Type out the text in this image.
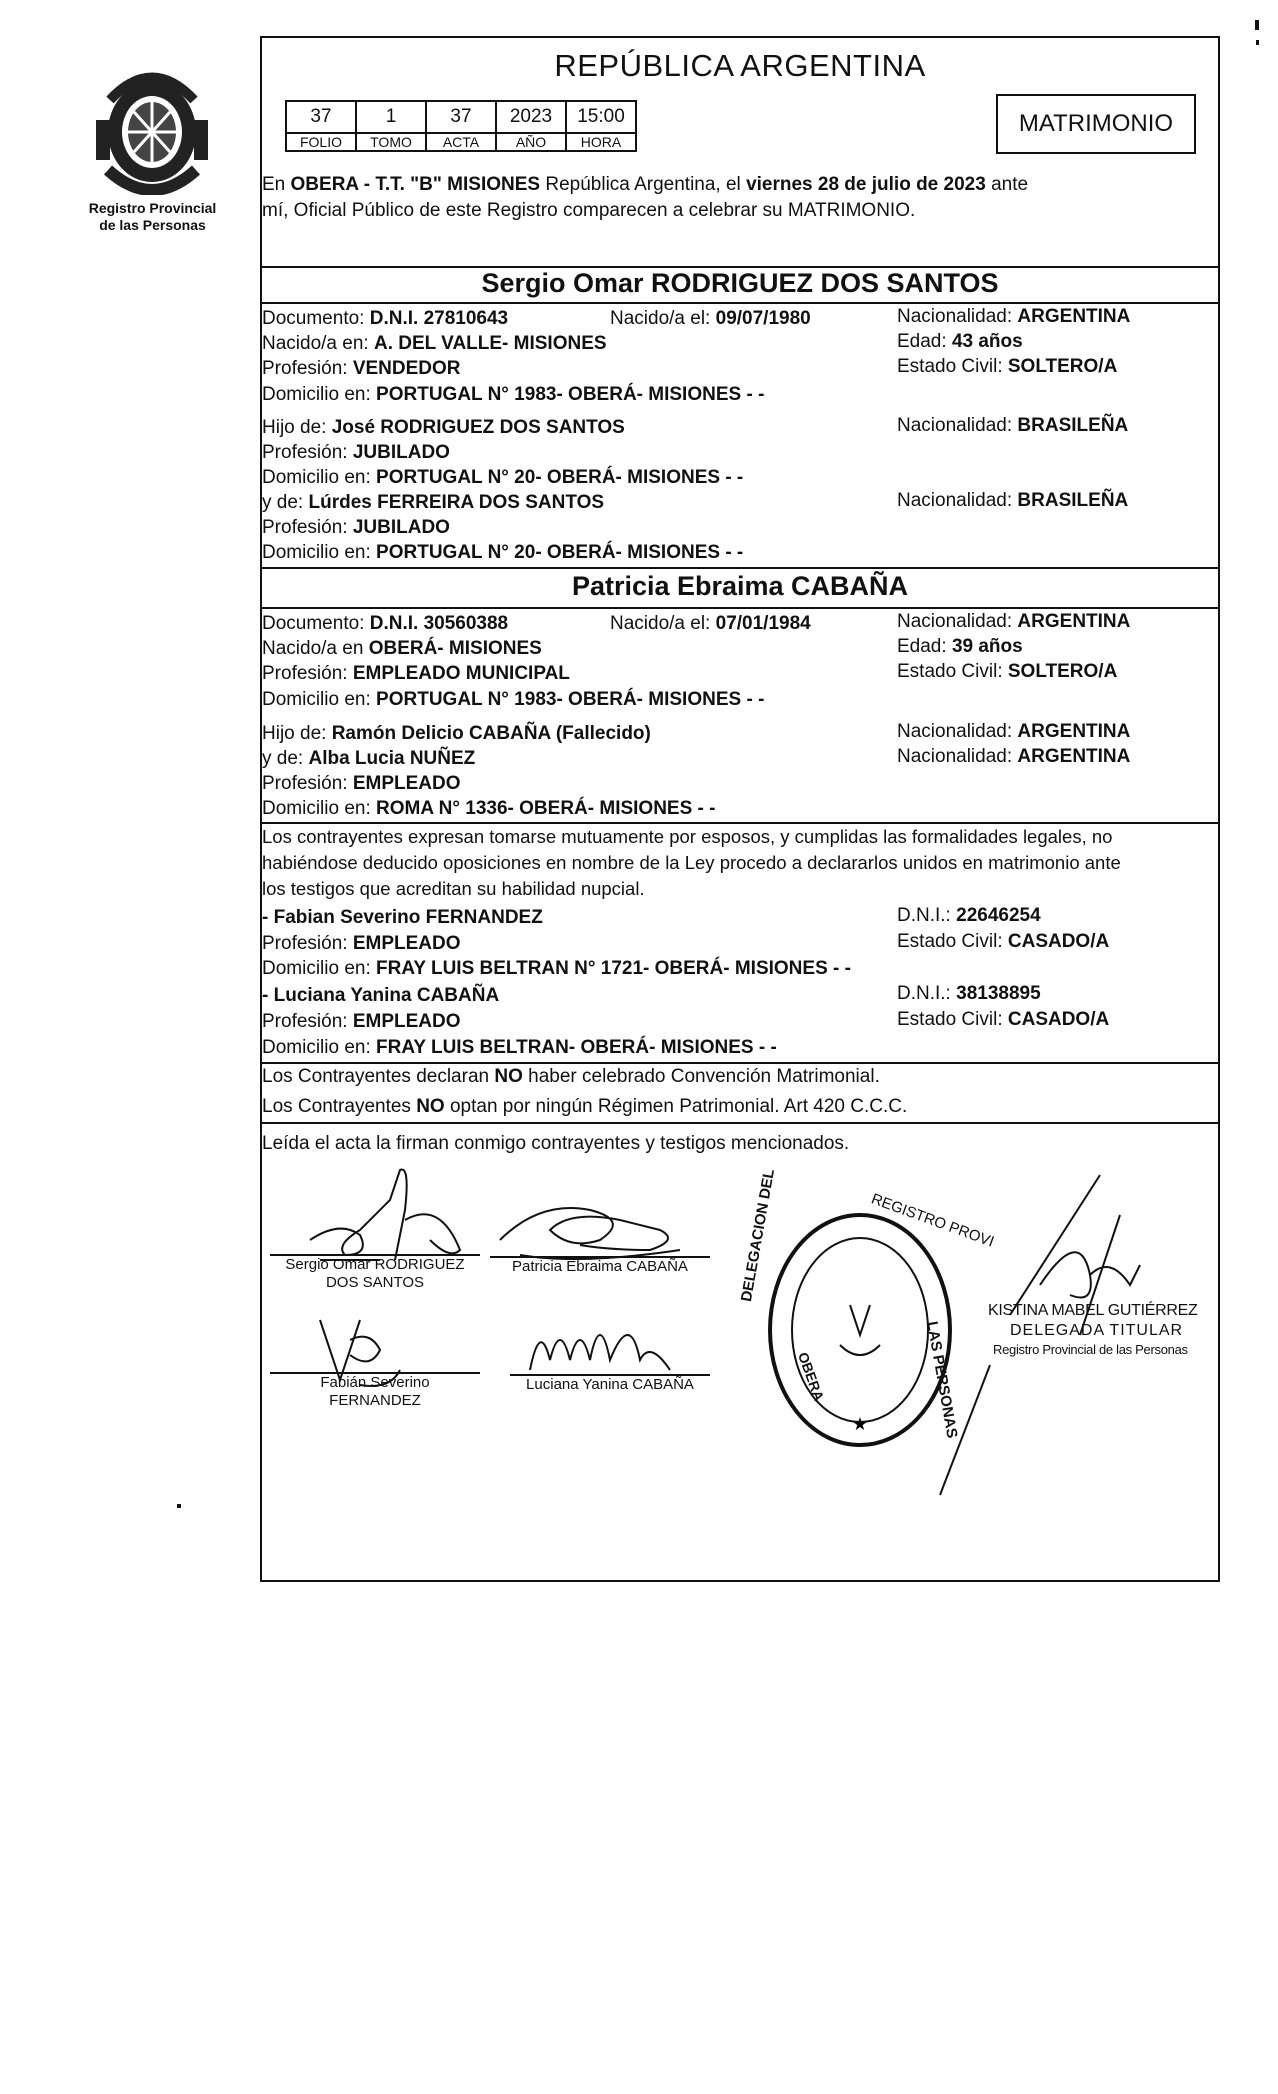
Registro Provincial
de las Personas
REPÚBLICA ARGENTINA
37	1	37	2023	15:00
FOLIO	TOMO	ACTA	AÑO	HORA
MATRIMONIO
En OBERA - T.T. "B" MISIONES República Argentina, el viernes 28 de julio de 2023 ante
mí, Oficial Público de este Registro comparecen a celebrar su MATRIMONIO.
Sergio Omar RODRIGUEZ DOS SANTOS
Documento: D.N.I. 27810643	Nacido/a el: 09/07/1980	Nacionalidad: ARGENTINA
Nacido/a en: A. DEL VALLE- MISIONES	Edad: 43 años
Profesión: VENDEDOR	Estado Civil: SOLTERO/A
Domicilio en: PORTUGAL N° 1983- OBERÁ- MISIONES - -
Hijo de: José RODRIGUEZ DOS SANTOS	Nacionalidad: BRASILEÑA
Profesión: JUBILADO
Domicilio en: PORTUGAL N° 20- OBERÁ- MISIONES - -
y de: Lúrdes FERREIRA DOS SANTOS	Nacionalidad: BRASILEÑA
Profesión: JUBILADO
Domicilio en: PORTUGAL N° 20- OBERÁ- MISIONES - -
Patricia Ebraima CABAÑA
Documento: D.N.I. 30560388	Nacido/a el: 07/01/1984	Nacionalidad: ARGENTINA
Nacido/a en OBERÁ- MISIONES	Edad: 39 años
Profesión: EMPLEADO MUNICIPAL	Estado Civil: SOLTERO/A
Domicilio en: PORTUGAL N° 1983- OBERÁ- MISIONES - -
Hijo de: Ramón Delicio CABAÑA (Fallecido)	Nacionalidad: ARGENTINA
y de: Alba Lucia NUÑEZ	Nacionalidad: ARGENTINA
Profesión: EMPLEADO
Domicilio en: ROMA N° 1336- OBERÁ- MISIONES - -
Los contrayentes expresan tomarse mutuamente por esposos, y cumplidas las formalidades legales, no
habiéndose deducido oposiciones en nombre de la Ley procedo a declararlos unidos en matrimonio ante
los testigos que acreditan su habilidad nupcial.
- Fabian Severino FERNANDEZ	D.N.I.: 22646254
Profesión: EMPLEADO	Estado Civil: CASADO/A
Domicilio en: FRAY LUIS BELTRAN N° 1721- OBERÁ- MISIONES - -
- Luciana Yanina CABAÑA	D.N.I.: 38138895
Profesión: EMPLEADO	Estado Civil: CASADO/A
Domicilio en: FRAY LUIS BELTRAN- OBERÁ- MISIONES - -
Los Contrayentes declaran NO haber celebrado Convención Matrimonial.
Los Contrayentes NO optan por ningún Régimen Patrimonial. Art 420 C.C.C.
Leída el acta la firman conmigo contrayentes y testigos mencionados.
Sergio Omar RODRIGUEZ
DOS SANTOS
Patricia Ebraima CABAÑA
Fabián Severino
FERNANDEZ
Luciana Yanina CABAÑA
★
REGISTRO PROVI
DELEGACION DEL
LAS PERSONAS
OBERA
KISTINA MABEL GUTIÉRREZ
DELEGADA TITULAR
Registro Provincial de las Personas
